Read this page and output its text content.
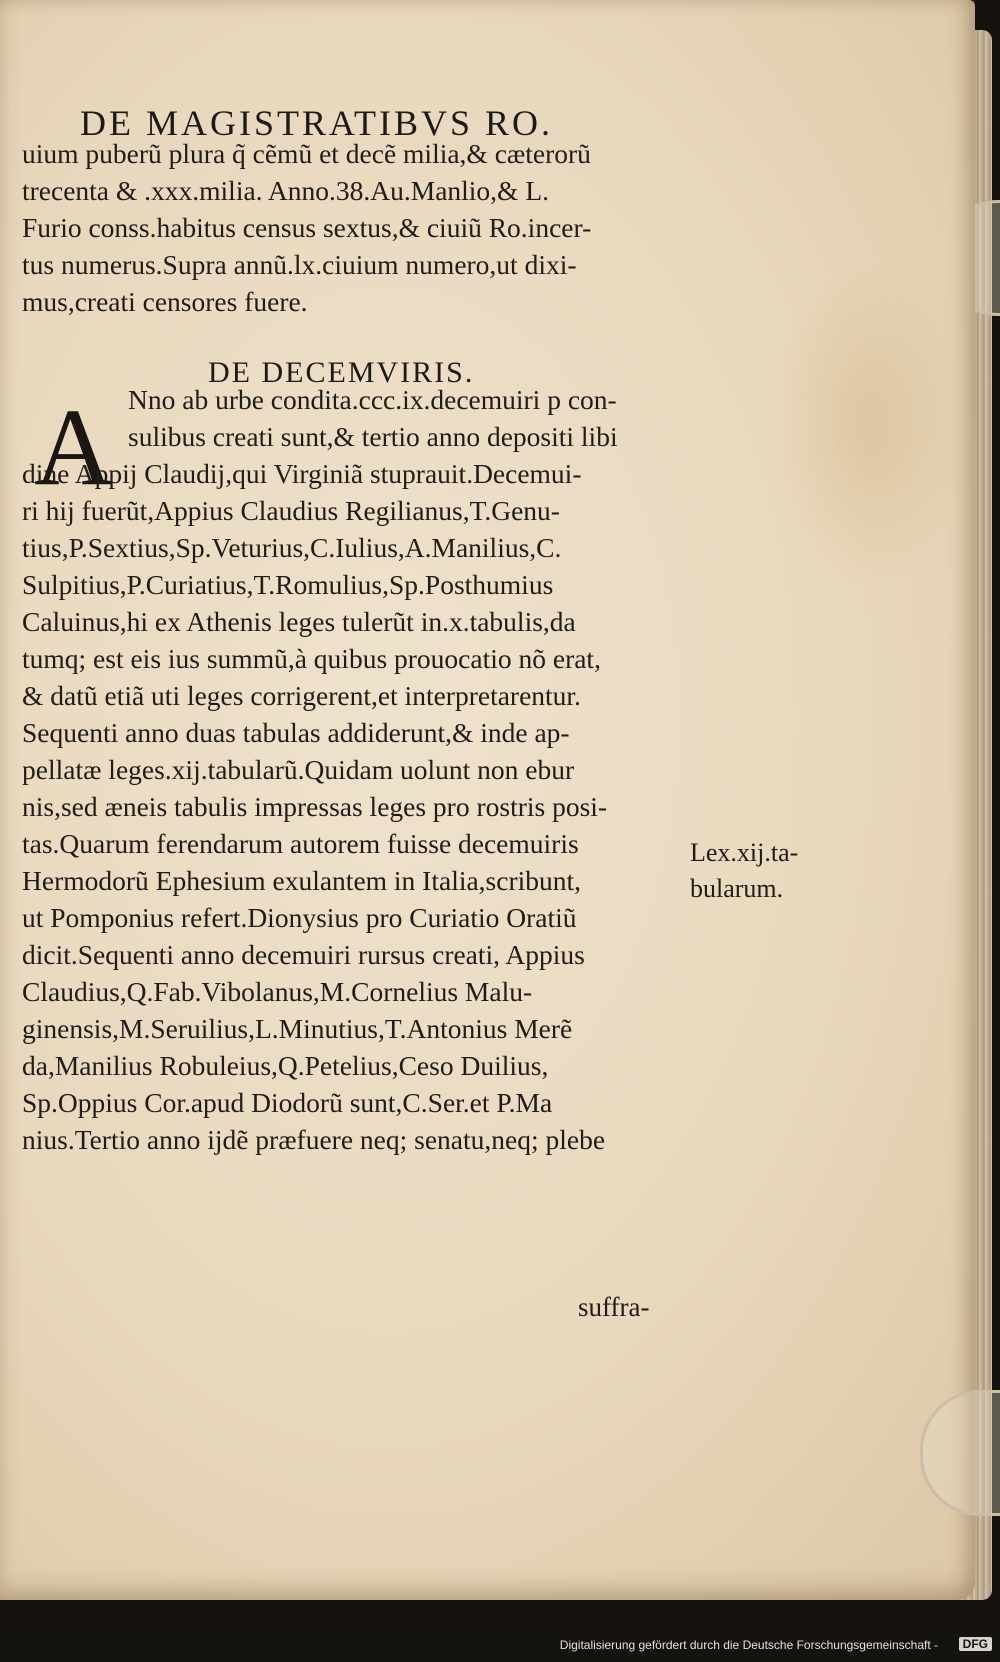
DE MAGISTRATIBVS RO.
uium puberũ plura q̃ cẽmũ et decẽ milia,& cæterorũ
trecenta & .xxx.milia. Anno.38.Au.Manlio,& L.
Furio conss.habitus census sextus,& ciuiũ Ro.incer-
tus numerus.Supra annũ.lx.ciuium numero,ut dixi-
mus,creati censores fuere.
DE DECEMVIRIS.
A Nno ab urbe condita.ccc.ix.decemuiri p con-
sulibus creati sunt,& tertio anno depositi libi
dine Appij Claudij,qui Virginiã stuprauit.Decemui-
ri hij fuerũt,Appius Claudius Regilianus,T.Genu-
tius,P.Sextius,Sp.Veturius,C.Iulius,A.Manilius,C.
Sulpitius,P.Curiatius,T.Romulius,Sp.Posthumius
Caluinus,hi ex Athenis leges tulerũt in.x.tabulis,da
tumq; est eis ius summũ,à quibus prouocatio nõ erat,
& datũ etiã uti leges corrigerent,et interpretarentur.
Sequenti anno duas tabulas addiderunt,& inde ap-
pellatæ leges.xij.tabularũ.Quidam uolunt non ebur
nis,sed æneis tabulis impressas leges pro rostris posi-
tas.Quarum ferendarum autorem fuisse decemuiris
Hermodorũ Ephesium exulantem in Italia,scribunt,
ut Pomponius refert.Dionysius pro Curiatio Oratiũ
dicit.Sequenti anno decemuiri rursus creati, Appius
Claudius,Q.Fab.Vibolanus,M.Cornelius Malu-
ginensis,M.Seruilius,L.Minutius,T.Antonius Merẽ
da,Manilius Robuleius,Q.Petelius,Ceso Duilius,
Sp.Oppius Cor.apud Diodorũ sunt,C.Ser.et P.Ma
nius.Tertio anno ijdẽ præfuere neq; senatu,neq; plebe
Lex.xij.ta-
bularum.
suffra-
Digitalisierung gefördert durch die Deutsche Forschungsgemeinschaft -	DFG
